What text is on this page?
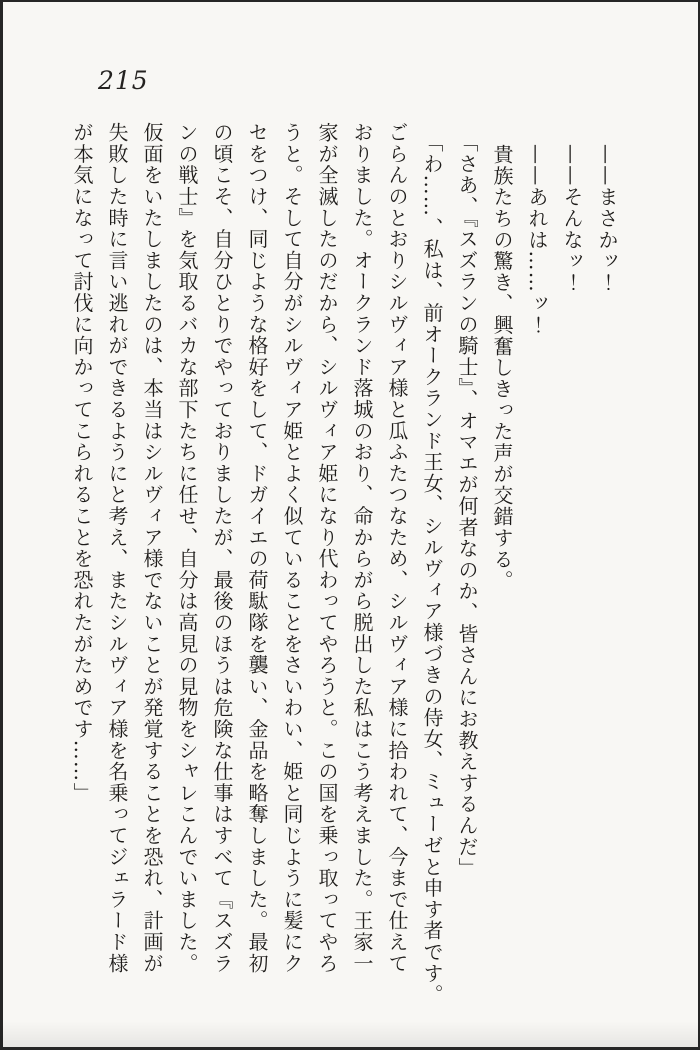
215

——まさかッ！

——そんなッ！

——あれは……ッ！

貴族たちの驚き、興奮しきった声が交錯する。

「さあ、『スズランの騎士』、オマエが何者なのか、皆さんにお教えするんだ」

「わ……、私は、前オークランド王女、シルヴィア様づきの侍女、ミューゼと申す者です。

ごらんのとおりシルヴィア様と瓜ふたつなため、シルヴィア様に拾われて、今まで仕えて

おりました。オークランド落城のおり、命からがら脱出した私はこう考えました。王家一

家が全滅したのだから、シルヴィア姫になり代わってやろうと。この国を乗っ取ってやろ

うと。そして自分がシルヴィア姫とよく似ていることをさいわい、姫と同じように髪にク

セをつけ、同じような格好をして、ドガイエの荷駄隊を襲い、金品を略奪しました。最初

の頃こそ、自分ひとりでやっておりましたが、最後のほうは危険な仕事はすべて『スズラ

ンの戦士』を気取るバカな部下たちに任せ、自分は高見の見物をシャレこんでいました。

仮面をいたしましたのは、本当はシルヴィア様でないことが発覚することを恐れ、計画が

失敗した時に言い逃れができるようにと考え、またシルヴィア様を名乗ってジェラード様

が本気になって討伐に向かってこられることを恐れたがためです……」
